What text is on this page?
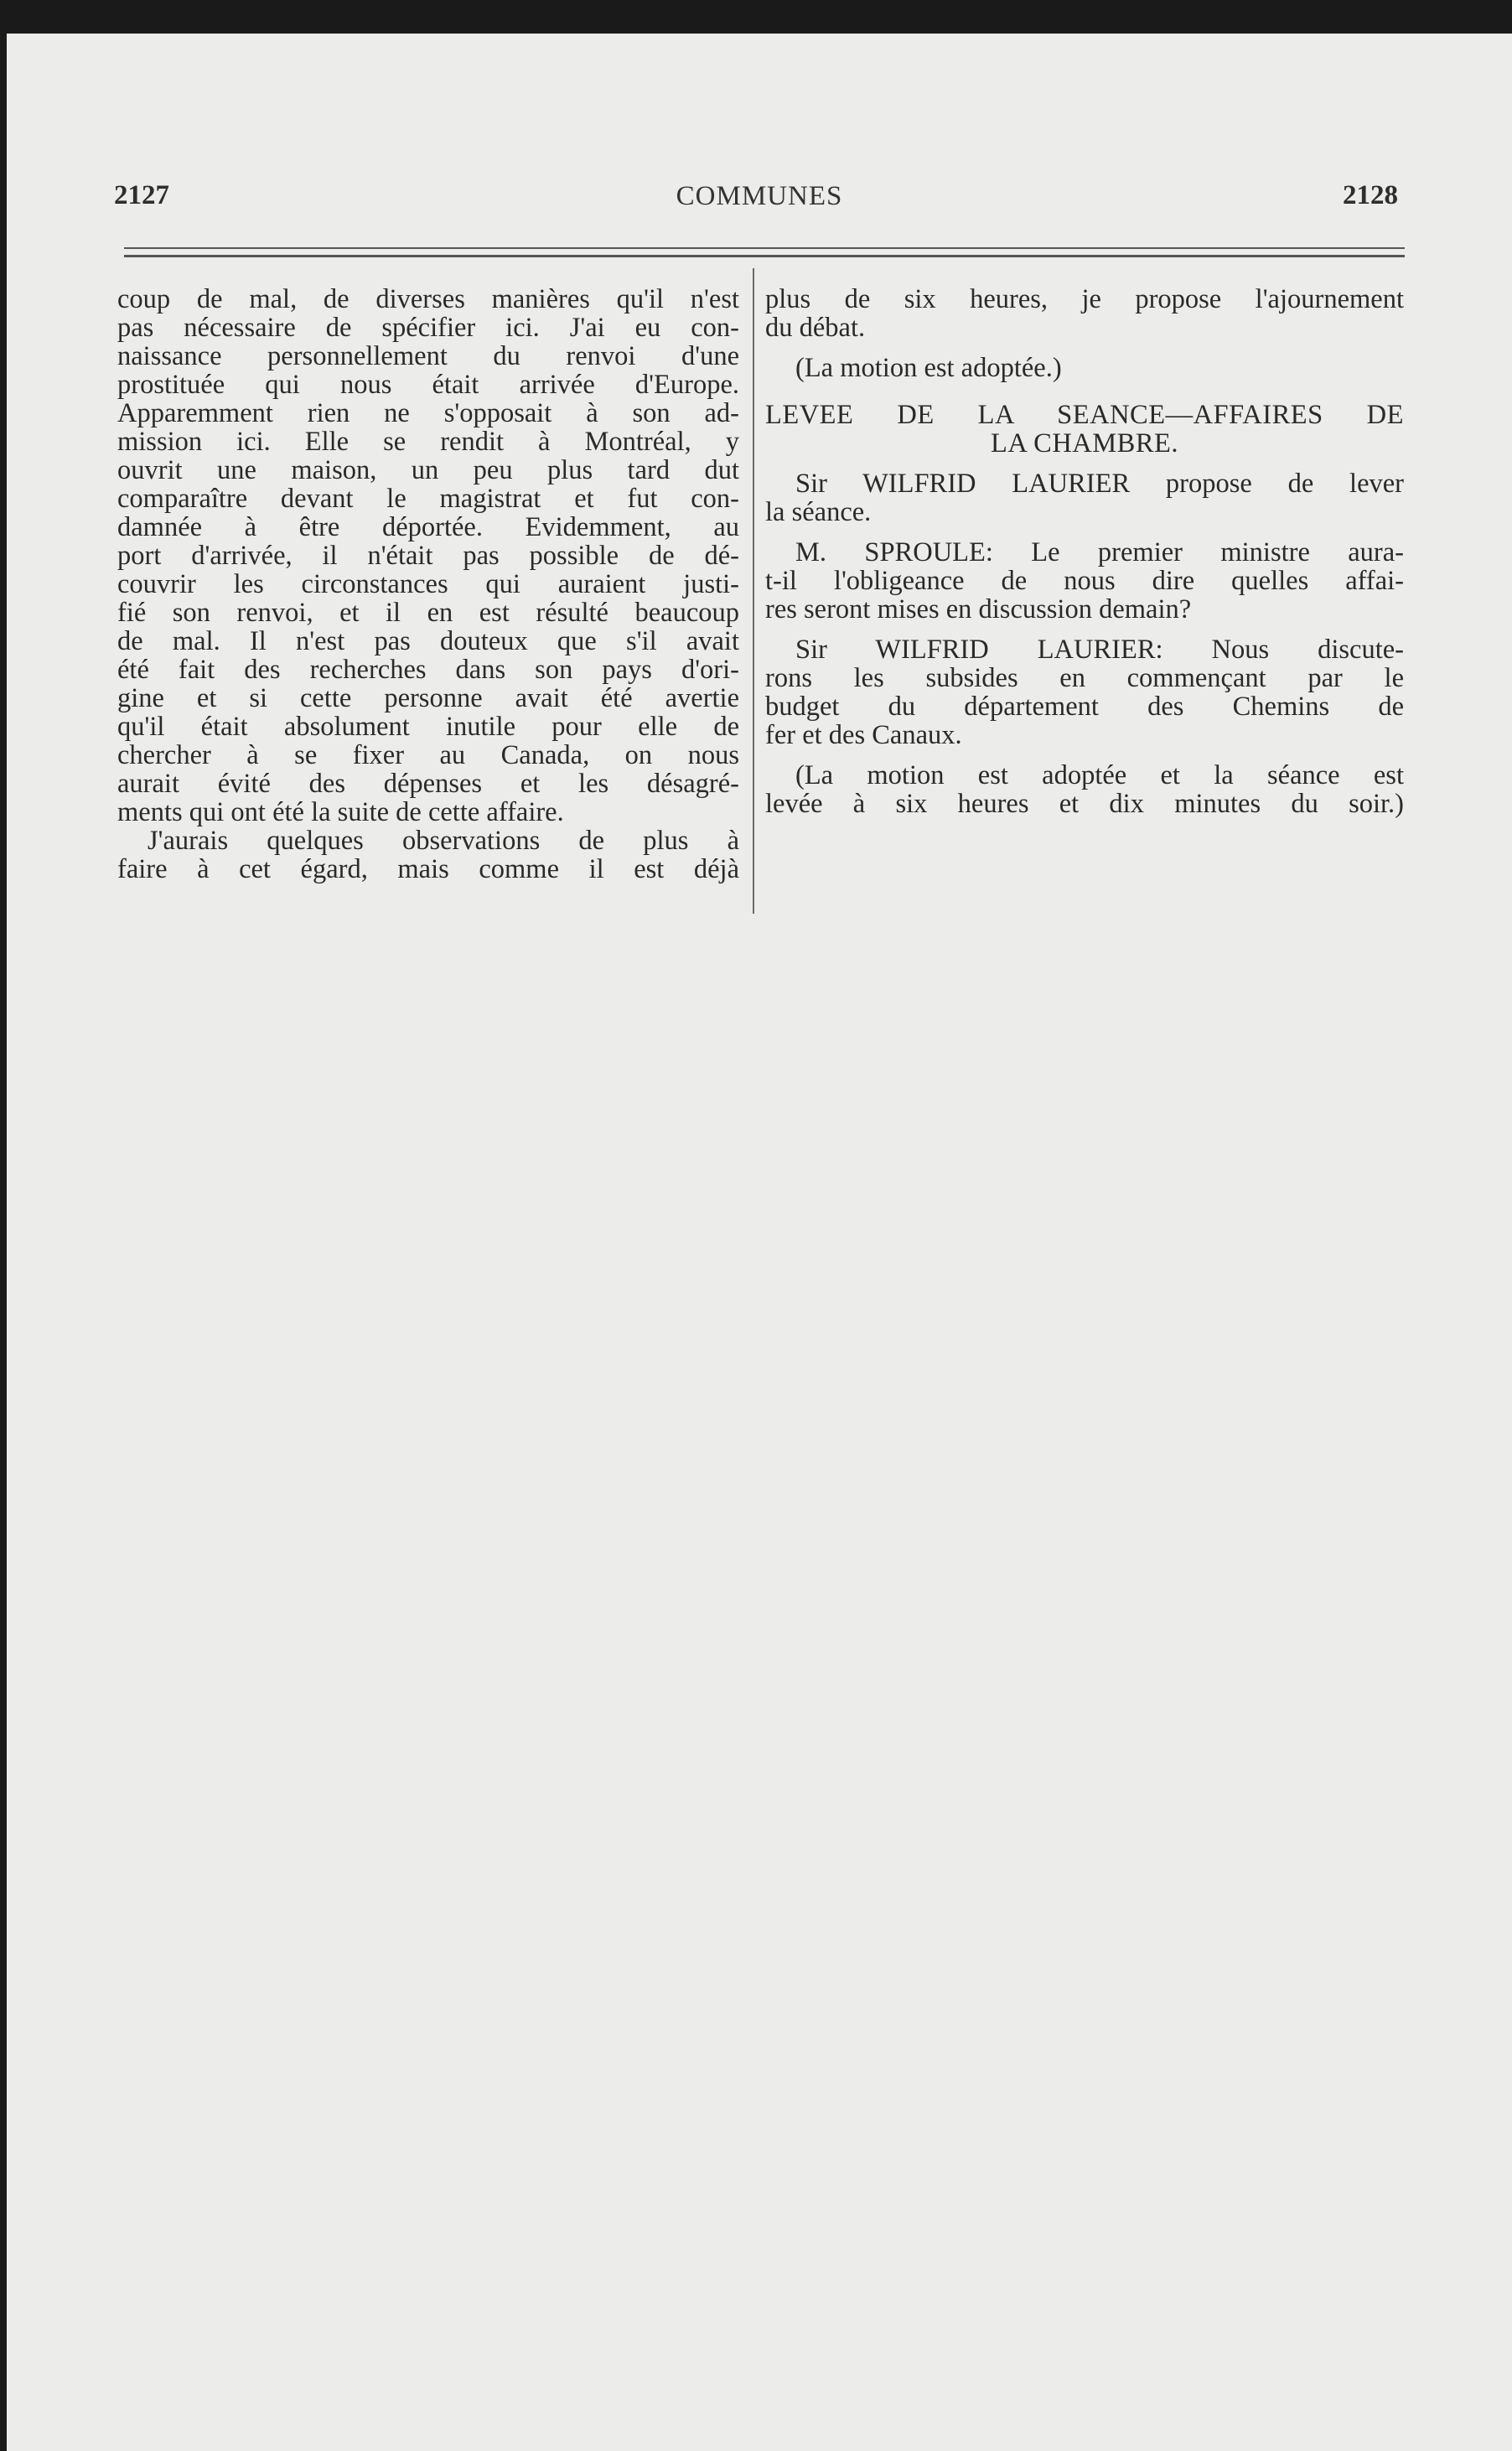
2127	COMMUNES	2128
coup de mal, de diverses manières qu'il n'est
pas nécessaire de spécifier ici. J'ai eu con-
naissance personnellement du renvoi d'une
prostituée qui nous était arrivée d'Europe.
Apparemment rien ne s'opposait à son ad-
mission ici. Elle se rendit à Montréal, y
ouvrit une maison, un peu plus tard dut
comparaître devant le magistrat et fut con-
damnée à être déportée. Evidemment, au
port d'arrivée, il n'était pas possible de dé-
couvrir les circonstances qui auraient justi-
fié son renvoi, et il en est résulté beaucoup
de mal. Il n'est pas douteux que s'il avait
été fait des recherches dans son pays d'ori-
gine et si cette personne avait été avertie
qu'il était absolument inutile pour elle de
chercher à se fixer au Canada, on nous
aurait évité des dépenses et les désagré-
ments qui ont été la suite de cette affaire.
J'aurais quelques observations de plus à
faire à cet égard, mais comme il est déjà
plus de six heures, je propose l'ajournement
du débat.
(La motion est adoptée.)
LEVEE DE LA SEANCE—AFFAIRES DE
LA CHAMBRE.
Sir WILFRID LAURIER propose de lever
la séance.
M. SPROULE: Le premier ministre aura-
t-il l'obligeance de nous dire quelles affai-
res seront mises en discussion demain?
Sir WILFRID LAURIER: Nous discute-
rons les subsides en commençant par le
budget du département des Chemins de
fer et des Canaux.
(La motion est adoptée et la séance est
levée à six heures et dix minutes du soir.)
